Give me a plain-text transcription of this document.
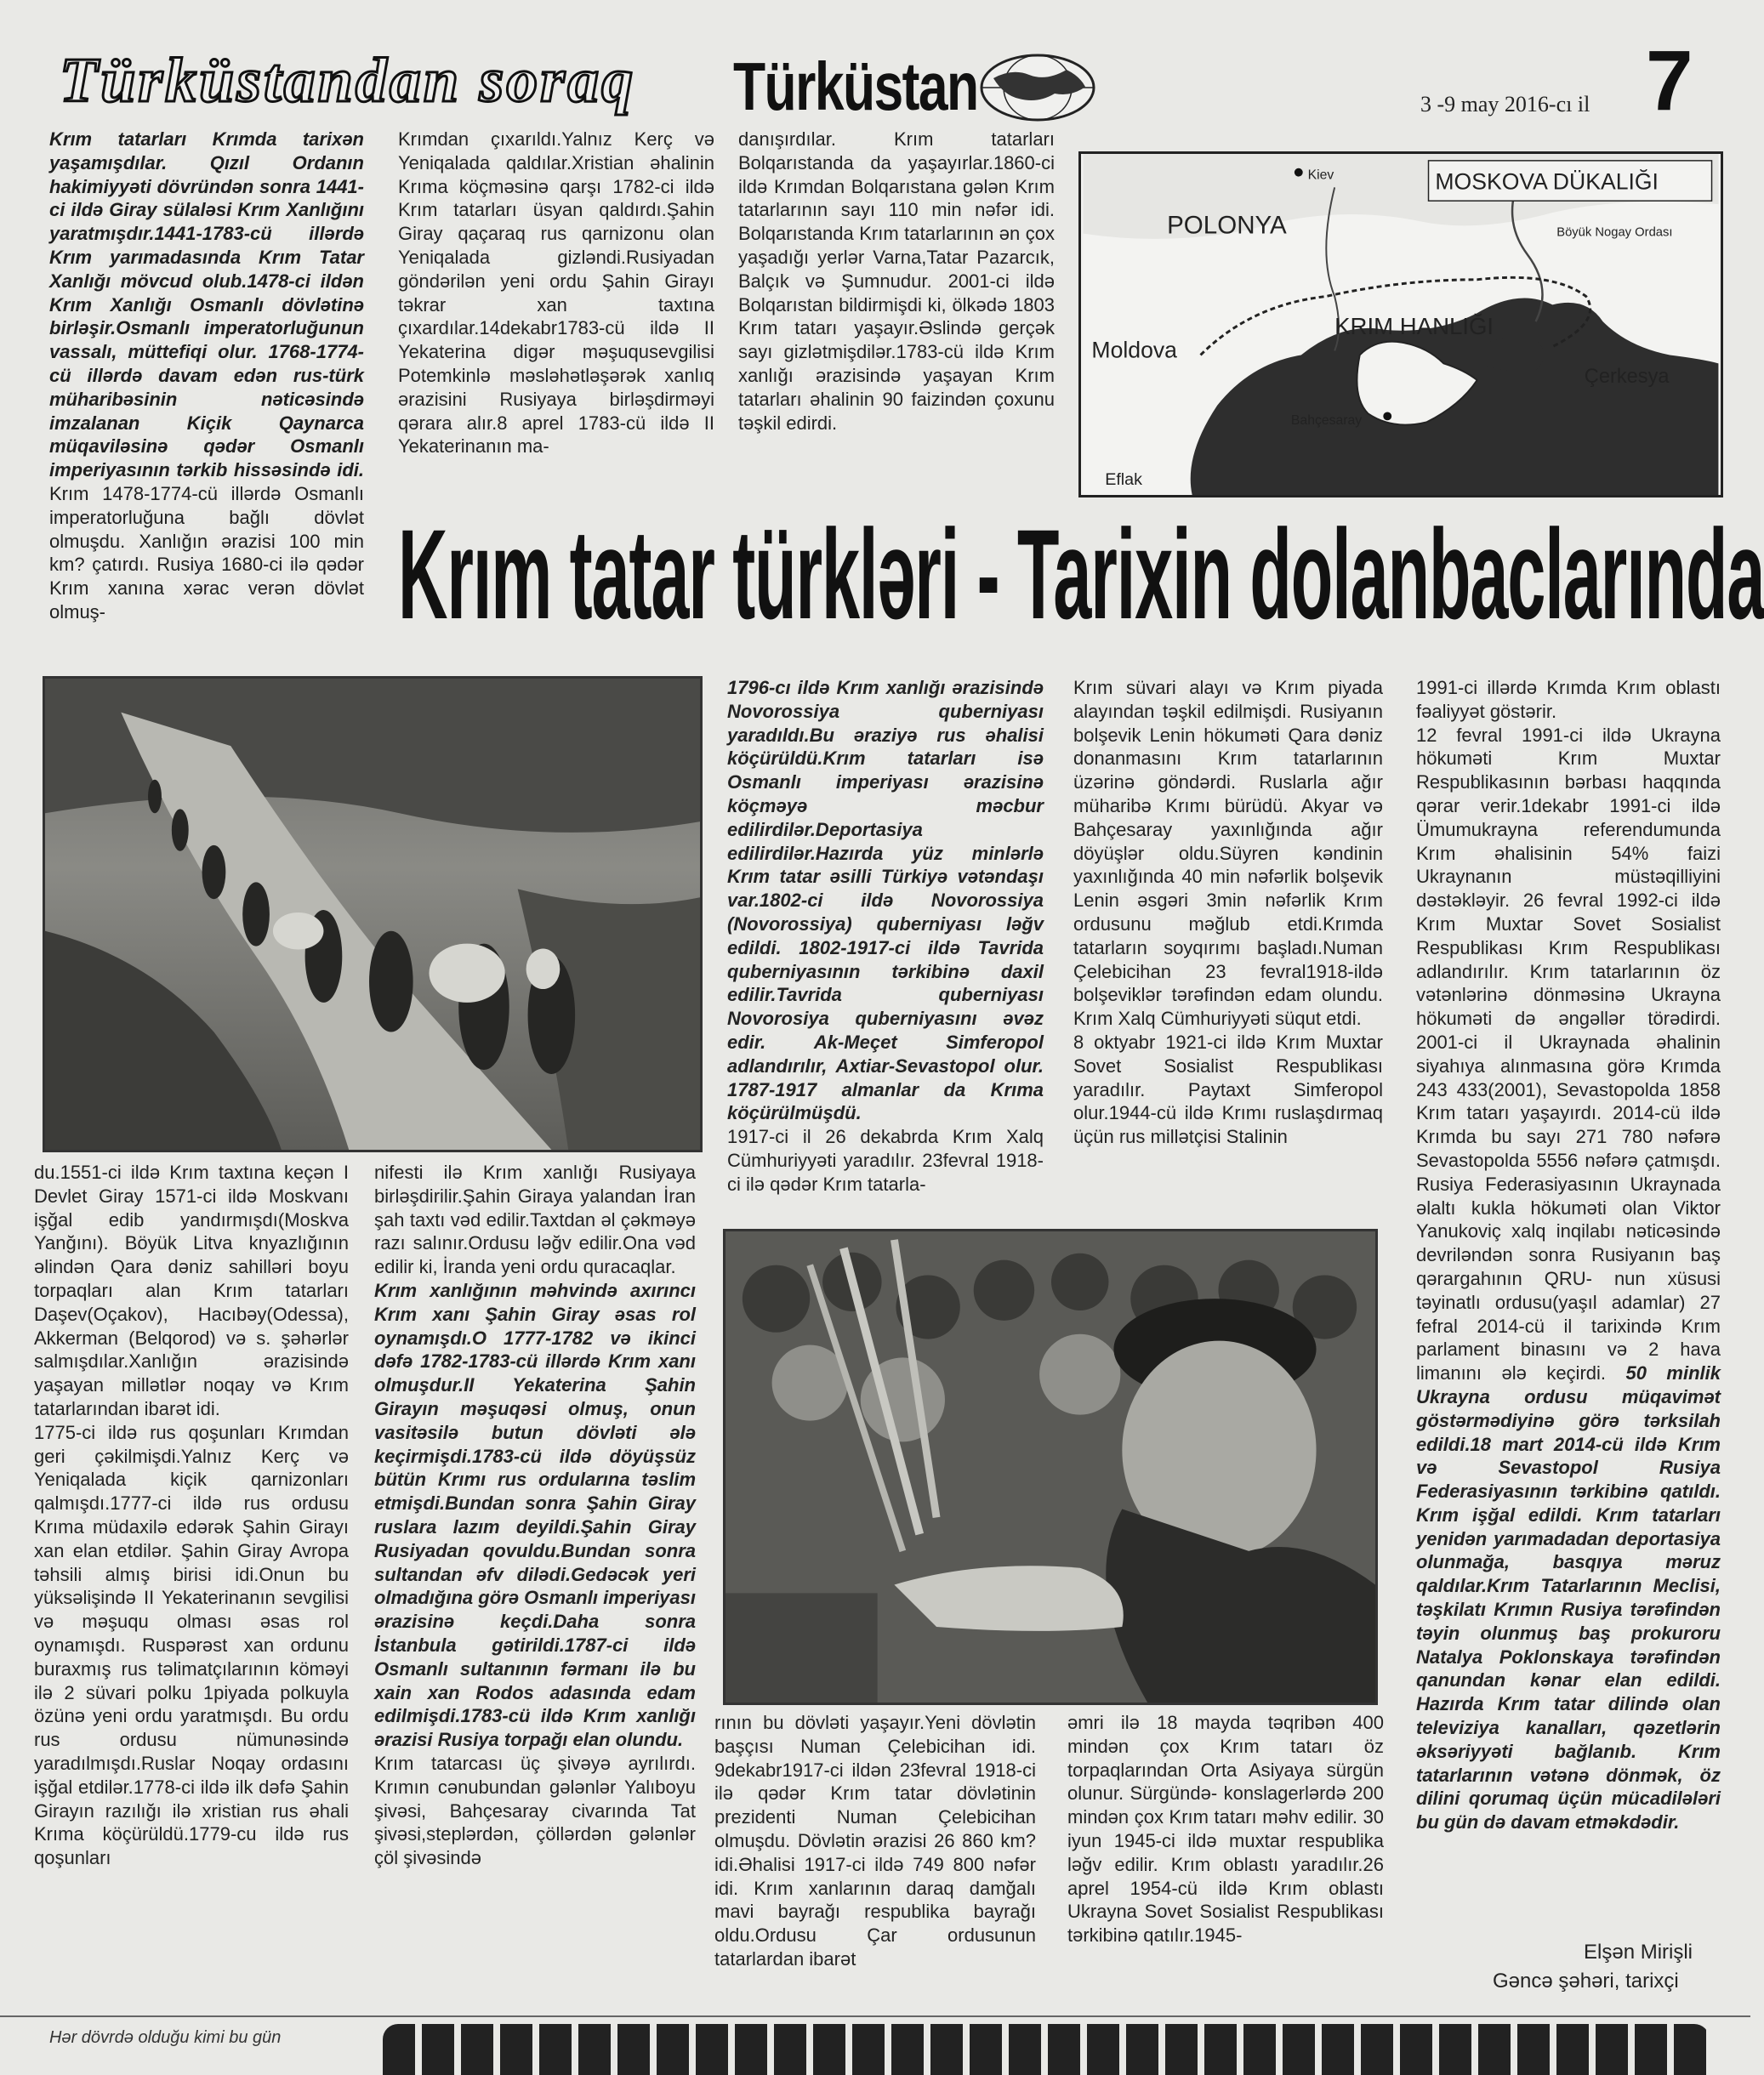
Türküstandan soraq Türküstan	3 -9 may 2016-cı il 7
Krım tatarları Krımda tarixən yaşamışdılar. Qızıl Ordanın hakimiyyəti dövründən sonra 1441-ci ildə Giray sülaləsi Krım Xanlığını yaratmışdır.1441-1783-cü illərdə Krım yarımadasında Krım Tatar Xanlığı mövcud olub.1478-ci ildən Krım Xanlığı Osmanlı dövlətinə birləşir.Osmanlı imperatorluğunun vassalı, müttefiqi olur. 1768-1774-cü illərdə davam edən rus-türk müharibəsinin nəticəsində imzalanan Kiçik Qaynarca müqaviləsinə qədər Osmanlı imperiyasının tərkib hissəsində idi. Krım 1478-1774-cü illərdə Osmanlı imperatorluğuna bağlı dövlət olmuşdu. Xanlığın ərazisi 100 min km? çatırdı. Rusiya 1680-ci ilə qədər Krım xanına xərac verən dövlət olmuş-
Krımdan çıxarıldı.Yalnız Kerç və Yeniqalada qaldılar.Xristian əhalinin Krıma köçməsinə qarşı 1782-ci ildə Krım tatarları üsyan qaldırdı.Şahin Giray qaçaraq rus qarnizonu olan Yeniqalada gizləndi.Rusiyadan göndərilən yeni ordu Şahin Girayı təkrar xan taxtına çıxardılar.14dekabr1783-cü ildə II Yekaterina digər məşuqusevgilisi Potemkinlə məsləhətləşərək xanlıq ərazisini Rusiyaya birləşdirməyi qərara alır.8 aprel 1783-cü ildə II Yekaterinanın ma-
danışırdılar. Krım tatarları Bolqarıstanda da yaşayırlar.1860-ci ildə Krımdan Bolqarıstana gələn Krım tatarlarının sayı 110 min nəfər idi. Bolqarıstanda Krım tatarlarının ən çox yaşadığı yerlər Varna,Tatar Pazarcık, Balçık və Şumnudur. 2001-ci ildə Bolqarıstan bildirmişdi ki, ölkədə 1803 Krım tatarı yaşayır.Əslində gerçək sayı gizlətmişdilər.1783-cü ildə Krım xanlığı ərazisində yaşayan Krım tatarları əhalinin 90 faizindən çoxunu təşkil edirdi.
Kiev	MOSKOVA DÜKALIĞI
POLONYA	Böyük Nogay Ordası
KRIM HANLIĞI
Moldova
Çerkesya
Bahçesaray
Eflak
Krım tatar türkləri - Tarixin dolanbaclarında
1796-cı ildə Krım xanlığı ərazisində Novorossiya quberniyası yaradıldı.Bu əraziyə rus əhalisi köçürüldü.Krım tatarları isə Osmanlı imperiyası ərazisinə köçməyə məcbur edilirdilər.Deportasiya edilirdilər.Hazırda yüz minlərlə Krım tatar əsilli Türkiyə vətəndaşı var.1802-ci ildə Novorossiya (Novorossiya) quberniyası ləğv edildi. 1802-1917-ci ildə Tavrida quberniyasının tərkibinə daxil edilir.Tavrida quberniyası Novorosiya quberniyasını əvəz edir. Ak-Meçet Simferopol adlandırılır, Axtiar-Sevastopol olur. 1787-1917 almanlar da Krıma köçürülmüşdü.
1917-ci il 26 dekabrda Krım Xalq Cümhuriyyəti yaradılır. 23fevral 1918-ci ilə qədər Krım tatarla-
Krım süvari alayı və Krım piyada alayından təşkil edilmişdi. Rusiyanın bolşevik Lenin hökuməti Qara dəniz donanmasını Krım tatarlarının üzərinə göndərdi. Ruslarla ağır müharibə Krımı bürüdü. Akyar və Bahçesaray yaxınlığında ağır döyüşlər oldu.Süyren kəndinin yaxınlığında 40 min nəfərlik bolşevik Lenin əsgəri 3min nəfərlik Krım ordusunu məğlub etdi.Krımda tatarların soyqırımı başladı.Numan Çelebicihan 23 fevral1918-ildə bolşeviklər tərəfindən edam olundu. Krım Xalq Cümhuriyyəti süqut etdi.
8 oktyabr 1921-ci ildə Krım Muxtar Sovet Sosialist Respublikası yaradılır. Paytaxt Simferopol olur.1944-cü ildə Krımı ruslaşdırmaq üçün rus millətçisi Stalinin
1991-ci illərdə Krımda Krım oblastı fəaliyyət göstərir.
12 fevral 1991-ci ildə Ukrayna hökuməti Krım Muxtar Respublikasının bərbası haqqında qərar verir.1dekabr 1991-ci ildə Ümumukrayna referendumunda Krım əhalisinin 54% faizi Ukraynanın müstəqilliyini dəstəkləyir. 26 fevral 1992-ci ildə Krım Muxtar Sovet Sosialist Respublikası Krım Respublikası adlandırılır. Krım tatarlarının öz vətənlərinə dönməsinə Ukrayna hökuməti də əngəllər törədirdi. 2001-ci il Ukraynada əhalinin siyahıya alınmasına görə Krımda 243 433(2001), Sevastopolda 1858 Krım tatarı yaşayırdı. 2014-cü ildə Krımda bu sayı 271 780 nəfərə Sevastopolda 5556 nəfərə çatmışdı. Rusiya Federasiyasının Ukraynada əlaltı kukla hökuməti olan Viktor Yanukoviç xalq inqilabı nəticəsində devriləndən sonra Rusiyanın baş qərargahının QRU- nun xüsusi təyinatlı ordusu(yaşıl adamlar) 27 fefral 2014-cü il tarixində Krım parlament binasını və 2 hava limanını ələ keçirdi. 50 minlik Ukrayna ordusu müqavimət göstərmədiyinə görə tərksilah edildi.18 mart 2014-cü ildə Krım və Sevastopol Rusiya Federasiyasının tərkibinə qatıldı. Krım işğal edildi. Krım tatarları yenidən yarımadadan deportasiya olunmağa, basqıya məruz qaldılar.Krım Tatarlarının Meclisi, təşkilatı Krımın Rusiya tərəfindən təyin olunmuş baş prokuroru Natalya Poklonskaya tərəfindən qanundan kənar elan edildi. Hazırda Krım tatar dilində olan televiziya kanalları, qəzetlərin əksəriyyəti bağlanıb. Krım tatarlarının vətənə dönmək, öz dilini qorumaq üçün mücadilələri bu gün də davam etməkdədir.
du.1551-ci ildə Krım taxtına keçən I Devlet Giray 1571-ci ildə Moskvanı işğal edib yandırmışdı(Moskva Yanğını). Böyük Litva knyazlığının əlindən Qara dəniz sahilləri boyu torpaqları alan Krım tatarları Daşev(Oçakov), Hacıbəy(Odessa), Akkerman (Belqorod) və s. şəhərlər salmışdılar.Xanlığın ərazisində yaşayan millətlər noqay və Krım tatarlarından ibarət idi.
1775-ci ildə rus qoşunları Krımdan geri çəkilmişdi.Yalnız Kerç və Yeniqalada kiçik qarnizonları qalmışdı.1777-ci ildə rus ordusu Krıma müdaxilə edərək Şahin Girayı xan elan etdilər. Şahin Giray Avropa təhsili almış birisi idi.Onun bu yüksəlişində II Yekaterinanın sevgilisi və məşuqu olması əsas rol oynamışdı. Ruspərəst xan ordunu buraxmış rus təlimatçılarının köməyi ilə 2 süvari polku 1piyada polkuyla özünə yeni ordu yaratmışdı. Bu ordu rus ordusu nümunəsində yaradılmışdı.Ruslar Noqay ordasını işğal etdilər.1778-ci ildə ilk dəfə Şahin Girayın razılığı ilə xristian rus əhali Krıma köçürüldü.1779-cu ildə rus qoşunları
nifesti ilə Krım xanlığı Rusiyaya birləşdirilir.Şahin Giraya yalandan İran şah taxtı vəd edilir.Taxtdan əl çəkməyə razı salınır.Ordusu ləğv edilir.Ona vəd edilir ki, İranda yeni ordu quracaqlar.
Krım xanlığının məhvində axırıncı Krım xanı Şahin Giray əsas rol oynamışdı.O 1777-1782 və ikinci dəfə 1782-1783-cü illərdə Krım xanı olmuşdur.II Yekaterina Şahin Girayın məşuqəsi olmuş, onun vasitəsilə butun dövləti ələ keçirmişdi.1783-cü ildə döyüşsüz bütün Krımı rus ordularına təslim etmişdi.Bundan sonra Şahin Giray ruslara lazım deyildi.Şahin Giray Rusiyadan qovuldu.Bundan sonra sultandan əfv dilədi.Gedəcək yeri olmadığına görə Osmanlı imperiyası ərazisinə keçdi.Daha sonra İstanbula gətirildi.1787-ci ildə Osmanlı sultanının fərmanı ilə bu xain xan Rodos adasında edam edilmişdi.1783-cü ildə Krım xanlığı ərazisi Rusiya torpağı elan olundu.
Krım tatarcası üç şivəyə ayrılırdı. Krımın cənubundan gələnlər Yalıboyu şivəsi, Bahçesaray civarında Tat şivəsi,steplərdən, çöllərdən gələnlər çöl şivəsində
rının bu dövləti yaşayır.Yeni dövlətin başçısı Numan Çelebicihan idi. 9dekabr1917-ci ildən 23fevral 1918-ci ilə qədər Krım tatar dövlətinin prezidenti Numan Çelebicihan olmuşdu. Dövlətin ərazisi 26 860 km? idi.Əhalisi 1917-ci ildə 749 800 nəfər idi. Krım xanlarının daraq damğalı mavi bayrağı respublika bayrağı oldu.Ordusu Çar ordusunun tatarlardan ibarət
əmri ilə 18 mayda təqribən 400 mindən çox Krım tatarı öz torpaqlarından Orta Asiyaya sürgün olunur. Sürgündə- konslagerlərdə 200 mindən çox Krım tatarı məhv edilir. 30 iyun 1945-ci ildə muxtar respublika ləğv edilir. Krım oblastı yaradılır.26 aprel 1954-cü ildə Krım oblastı Ukrayna Sovet Sosialist Respublikası tərkibinə qatılır.1945-
Elşən Mirişli
Gəncə şəhəri, tarixçi
Hər dövrdə olduğu kimi bu gün
